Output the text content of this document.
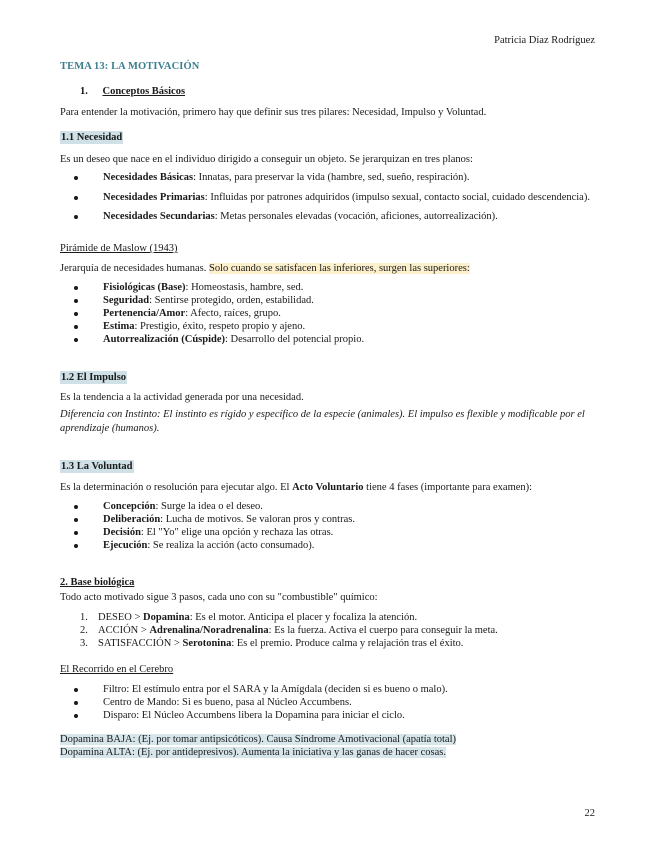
Patricia Díaz Rodríguez
TEMA 13: LA MOTIVACIÓN
1. Conceptos Básicos
Para entender la motivación, primero hay que definir sus tres pilares: Necesidad, Impulso y Voluntad.
1.1 Necesidad
Es un deseo que nace en el individuo dirigido a conseguir un objeto. Se jerarquizan en tres planos:
Necesidades Básicas: Innatas, para preservar la vida (hambre, sed, sueño, respiración).
Necesidades Primarias: Influidas por patrones adquiridos (impulso sexual, contacto social, cuidado descendencia).
Necesidades Secundarias: Metas personales elevadas (vocación, aficiones, autorrealización).
Pirámide de Maslow (1943)
Jerarquía de necesidades humanas. Solo cuando se satisfacen las inferiores, surgen las superiores:
Fisiológicas (Base): Homeostasis, hambre, sed.
Seguridad: Sentirse protegido, orden, estabilidad.
Pertenencia/Amor: Afecto, raíces, grupo.
Estima: Prestigio, éxito, respeto propio y ajeno.
Autorrealización (Cúspide): Desarrollo del potencial propio.
1.2 El Impulso
Es la tendencia a la actividad generada por una necesidad.
Diferencia con Instinto: El instinto es rígido y específico de la especie (animales). El impulso es flexible y modificable por el aprendizaje (humanos).
1.3 La Voluntad
Es la determinación o resolución para ejecutar algo. El Acto Voluntario tiene 4 fases (importante para examen):
Concepción: Surge la idea o el deseo.
Deliberación: Lucha de motivos. Se valoran pros y contras.
Decisión: El "Yo" elige una opción y rechaza las otras.
Ejecución: Se realiza la acción (acto consumado).
2. Base biológica
Todo acto motivado sigue 3 pasos, cada uno con su "combustible" químico:
1. DESEO > Dopamina: Es el motor. Anticipa el placer y focaliza la atención.
2. ACCIÓN > Adrenalina/Noradrenalina: Es la fuerza. Activa el cuerpo para conseguir la meta.
3. SATISFACCIÓN > Serotonina: Es el premio. Produce calma y relajación tras el éxito.
El Recorrido en el Cerebro
Filtro: El estímulo entra por el SARA y la Amígdala (deciden si es bueno o malo).
Centro de Mando: Si es bueno, pasa al Núcleo Accumbens.
Disparo: El Núcleo Accumbens libera la Dopamina para iniciar el ciclo.
Dopamina BAJA: (Ej. por tomar antipsicóticos). Causa Síndrome Amotivacional (apatía total)
Dopamina ALTA: (Ej. por antidepresivos). Aumenta la iniciativa y las ganas de hacer cosas.
22
